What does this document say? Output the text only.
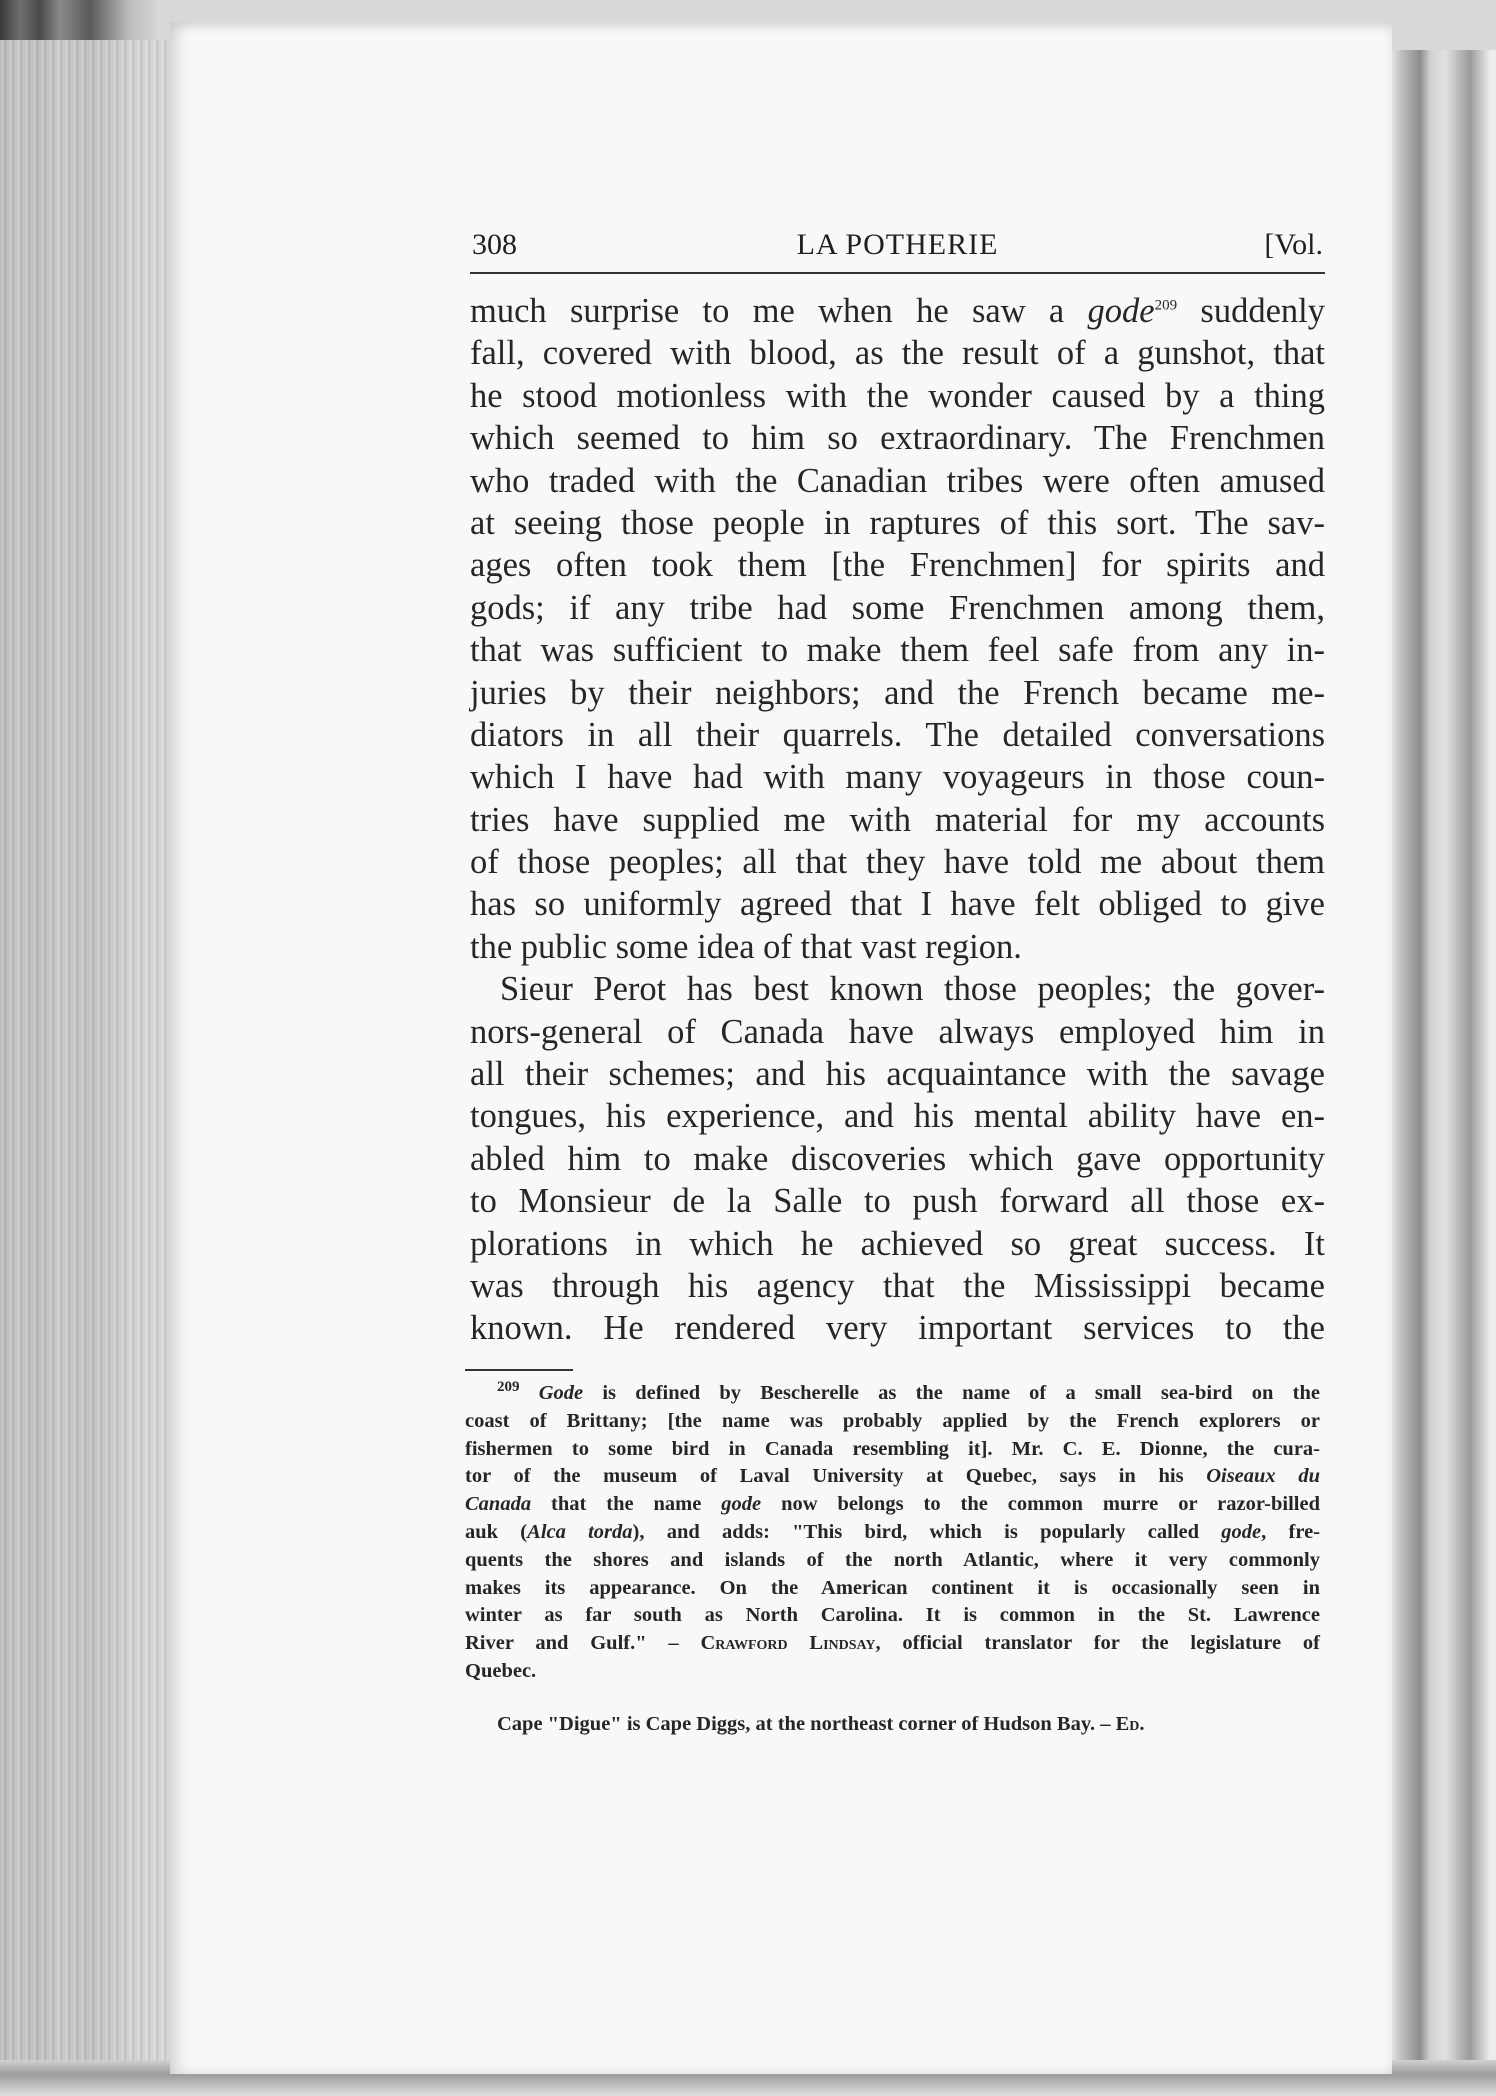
308	LA POTHERIE	[Vol.
much surprise to me when he saw a gode$^{209}$ suddenly
fall, covered with blood, as the result of a gunshot, that
he stood motionless with the wonder caused by a thing
which seemed to him so extraordinary. The Frenchmen
who traded with the Canadian tribes were often amused
at seeing those people in raptures of this sort. The sav-
ages often took them [the Frenchmen] for spirits and
gods; if any tribe had some Frenchmen among them,
that was sufficient to make them feel safe from any in-
juries by their neighbors; and the French became me-
diators in all their quarrels. The detailed conversations
which I have had with many voyageurs in those coun-
tries have supplied me with material for my accounts
of those peoples; all that they have told me about them
has so uniformly agreed that I have felt obliged to give
the public some idea of that vast region.
Sieur Perot has best known those peoples; the gover-
nors-general of Canada have always employed him in
all their schemes; and his acquaintance with the savage
tongues, his experience, and his mental ability have en-
abled him to make discoveries which gave opportunity
to Monsieur de la Salle to push forward all those ex-
plorations in which he achieved so great success. It
was through his agency that the Mississippi became
known. He rendered very important services to the
$^{209}$ Gode is defined by Bescherelle as the name of a small sea-bird on the
coast of Brittany; [the name was probably applied by the French explorers or
fishermen to some bird in Canada resembling it]. Mr. C. E. Dionne, the cura-
tor of the museum of Laval University at Quebec, says in his Oiseaux du
Canada that the name gode now belongs to the common murre or razor-billed
auk (Alca torda), and adds: "This bird, which is popularly called gode, fre-
quents the shores and islands of the north Atlantic, where it very commonly
makes its appearance. On the American continent it is occasionally seen in
winter as far south as North Carolina. It is common in the St. Lawrence
River and Gulf." – Crawford Lindsay, official translator for the legislature of
Quebec.
Cape "Digue" is Cape Diggs, at the northeast corner of Hudson Bay. – Ed.
